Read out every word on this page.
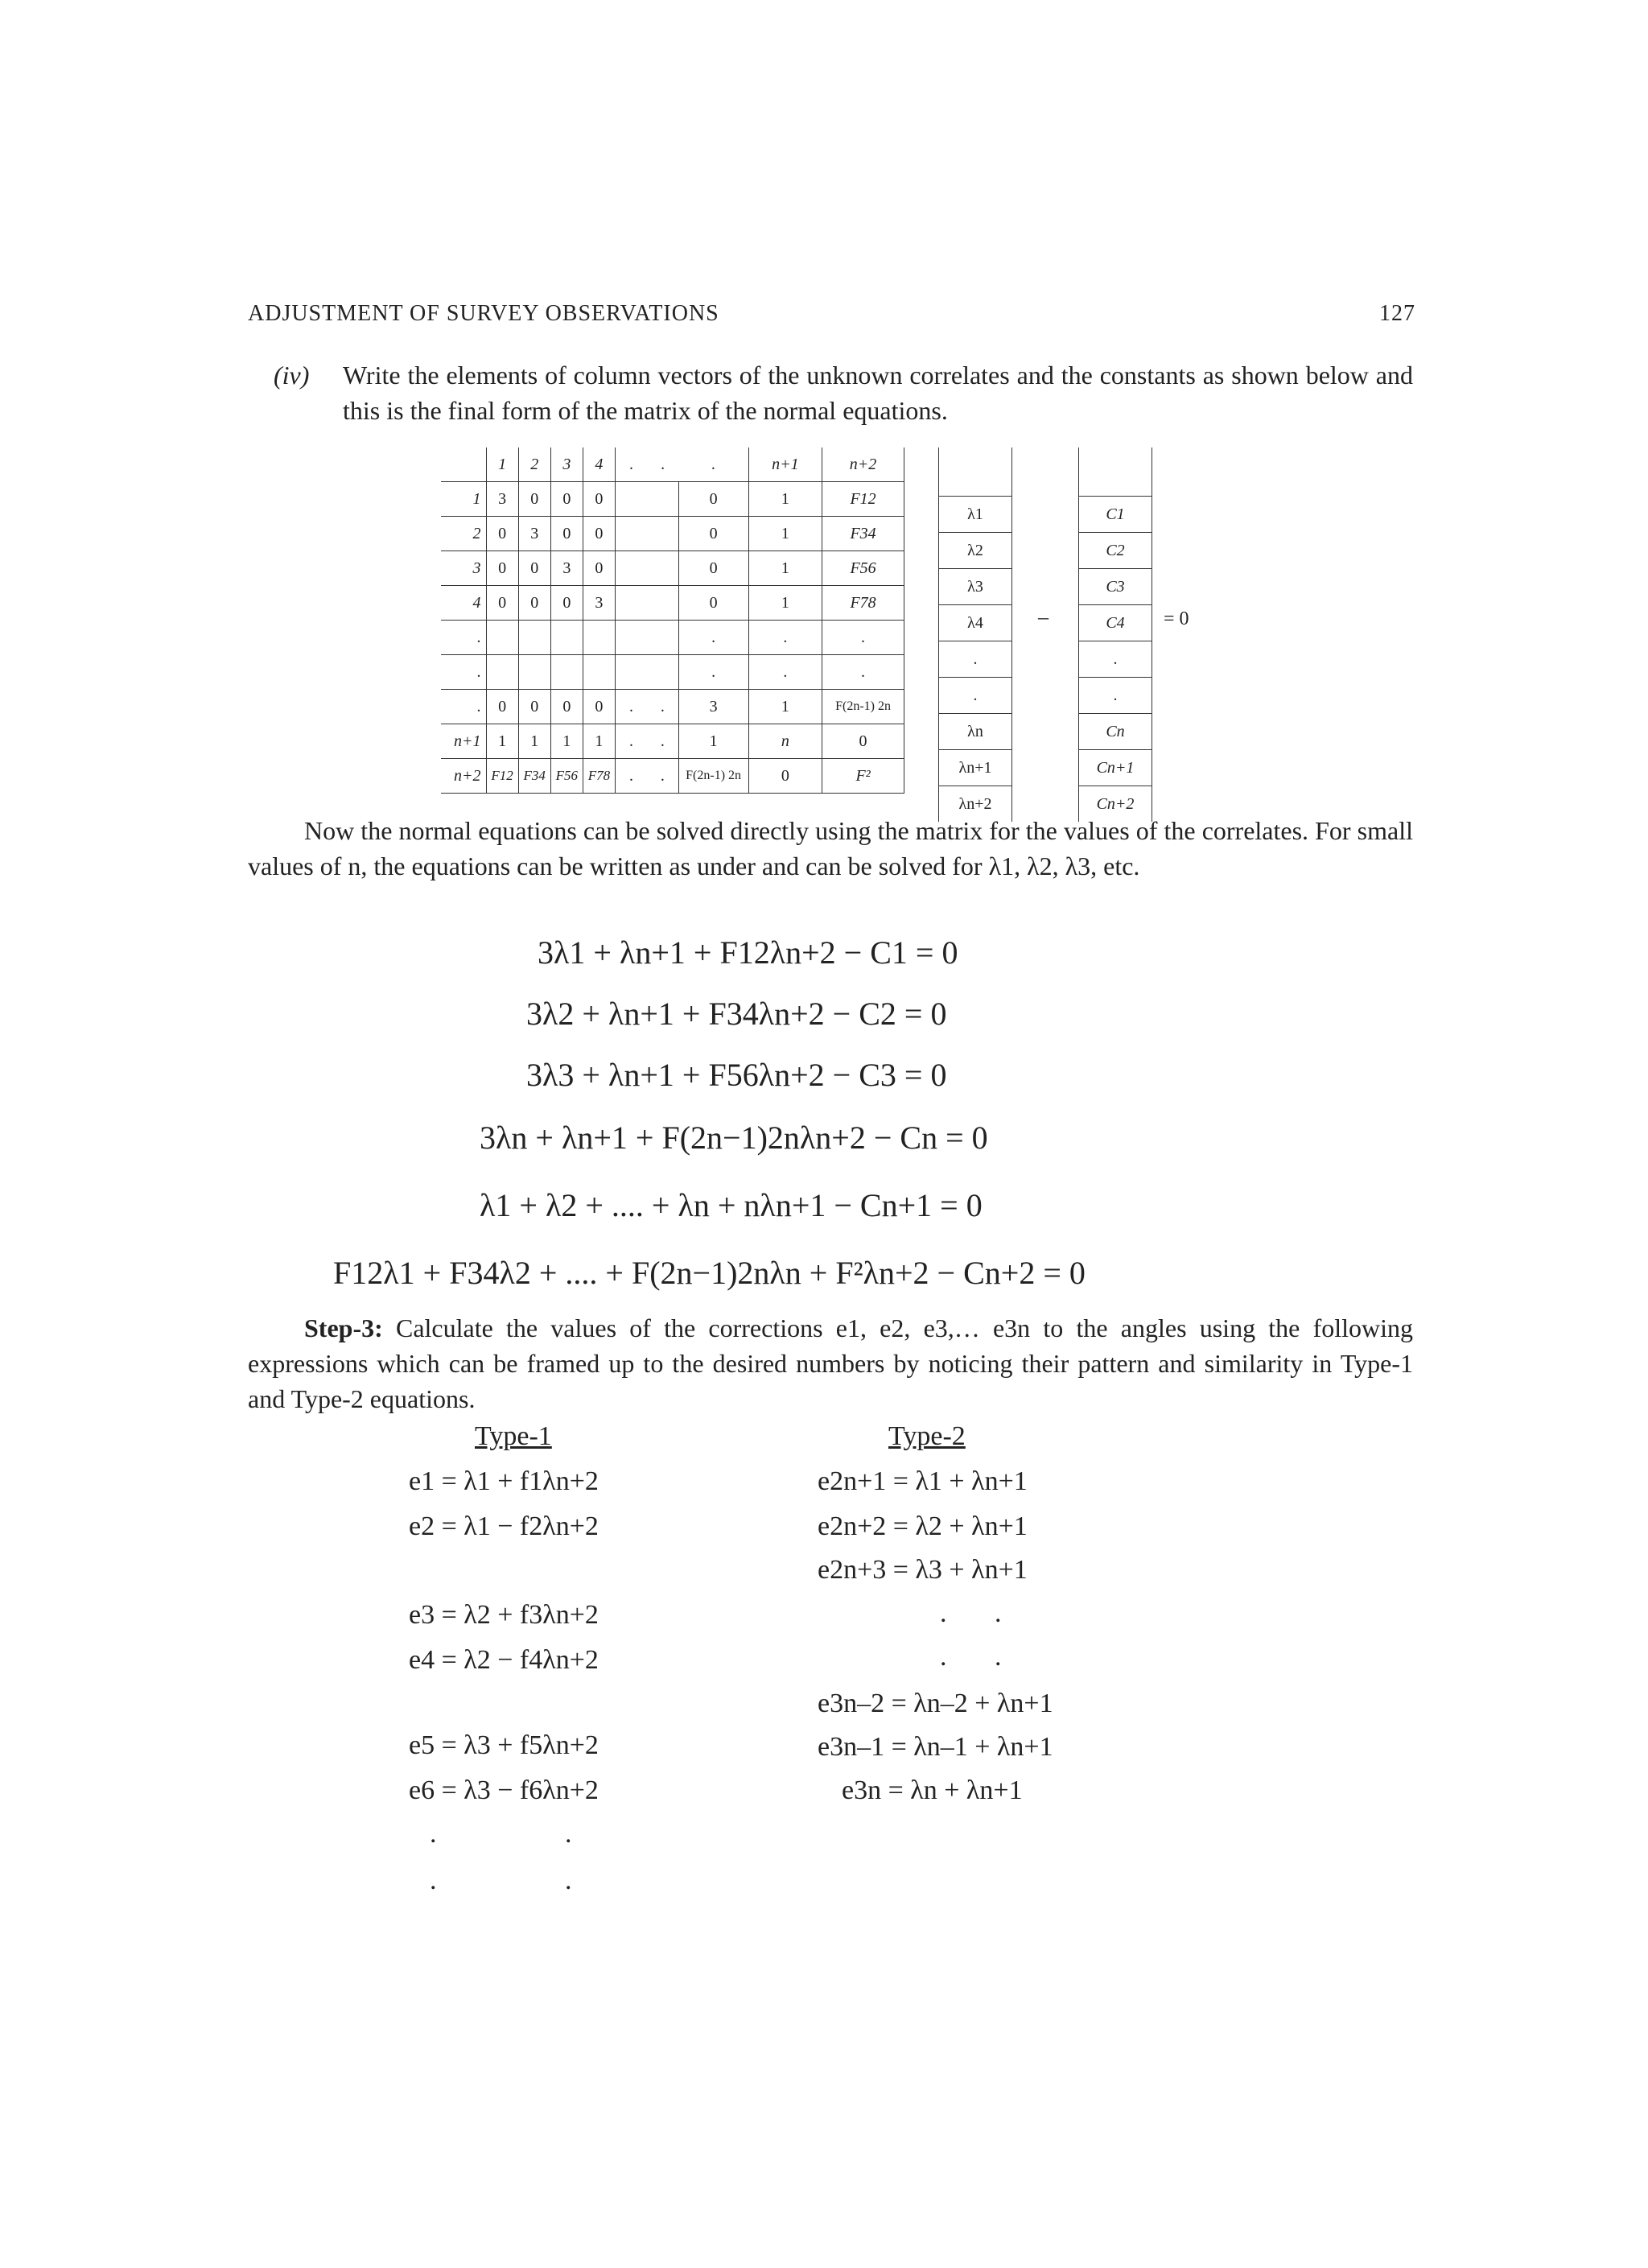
ADJUSTMENT OF SURVEY OBSERVATIONS	127
(iv)	Write the elements of column vectors of the unknown correlates and the constants as shown below and this is the final form of the matrix of the normal equations.
	1	2	3	4	.	.	.	n+1	n+2
1	3	0	0	0			0	1	F12
2	0	3	0	0			0	1	F34
3	0	0	3	0			0	1	F56
4	0	0	0	3			0	1	F78
.							.	.	.
.							.	.	.
.	0	0	0	0	.	.	3	1	F(2n-1) 2n
n+1	1	1	1	1	.	.	1	n	0
n+2	F12	F34	F56	F78	.	.	F(2n-1) 2n	0	F²

λ1
λ2
λ3
λ4
.
.
λn
λn+1
λn+2
–

C1
C2
C3
C4
.
.
Cn
Cn+1
Cn+2
= 0
Now the normal equations can be solved directly using the matrix for the values of the correlates. For small values of n, the equations can be written as under and can be solved for λ1, λ2, λ3, etc.
3λ1 + λn+1 + F12λn+2 − C1 = 0
3λ2 + λn+1 + F34λn+2 − C2 = 0
3λ3 + λn+1 + F56λn+2 − C3 = 0
3λn + λn+1 + F(2n−1)2nλn+2 − Cn = 0
λ1 + λ2 + .... + λn + nλn+1 − Cn+1 = 0
F12λ1 + F34λ2 + .... + F(2n−1)2nλn + F²λn+2 − Cn+2 = 0
Step-3: Calculate the values of the corrections e1, e2, e3,… e3n to the angles using the following expressions which can be framed up to the desired numbers by noticing their pattern and similarity in Type-1 and Type-2 equations.
Type-1
e1 = λ1 + f1λn+2
e2 = λ1 − f2λn+2
e3 = λ2 + f3λn+2
e4 = λ2 − f4λn+2
e5 = λ3 + f5λn+2
e6 = λ3 − f6λn+2
.	.
.	.
Type-2
e2n+1 = λ1 + λn+1
e2n+2 = λ2 + λn+1
e2n+3 = λ3 + λn+1
. .
. .
e3n–2 = λn–2 + λn+1
e3n–1 = λn–1 + λn+1
e3n = λn + λn+1
